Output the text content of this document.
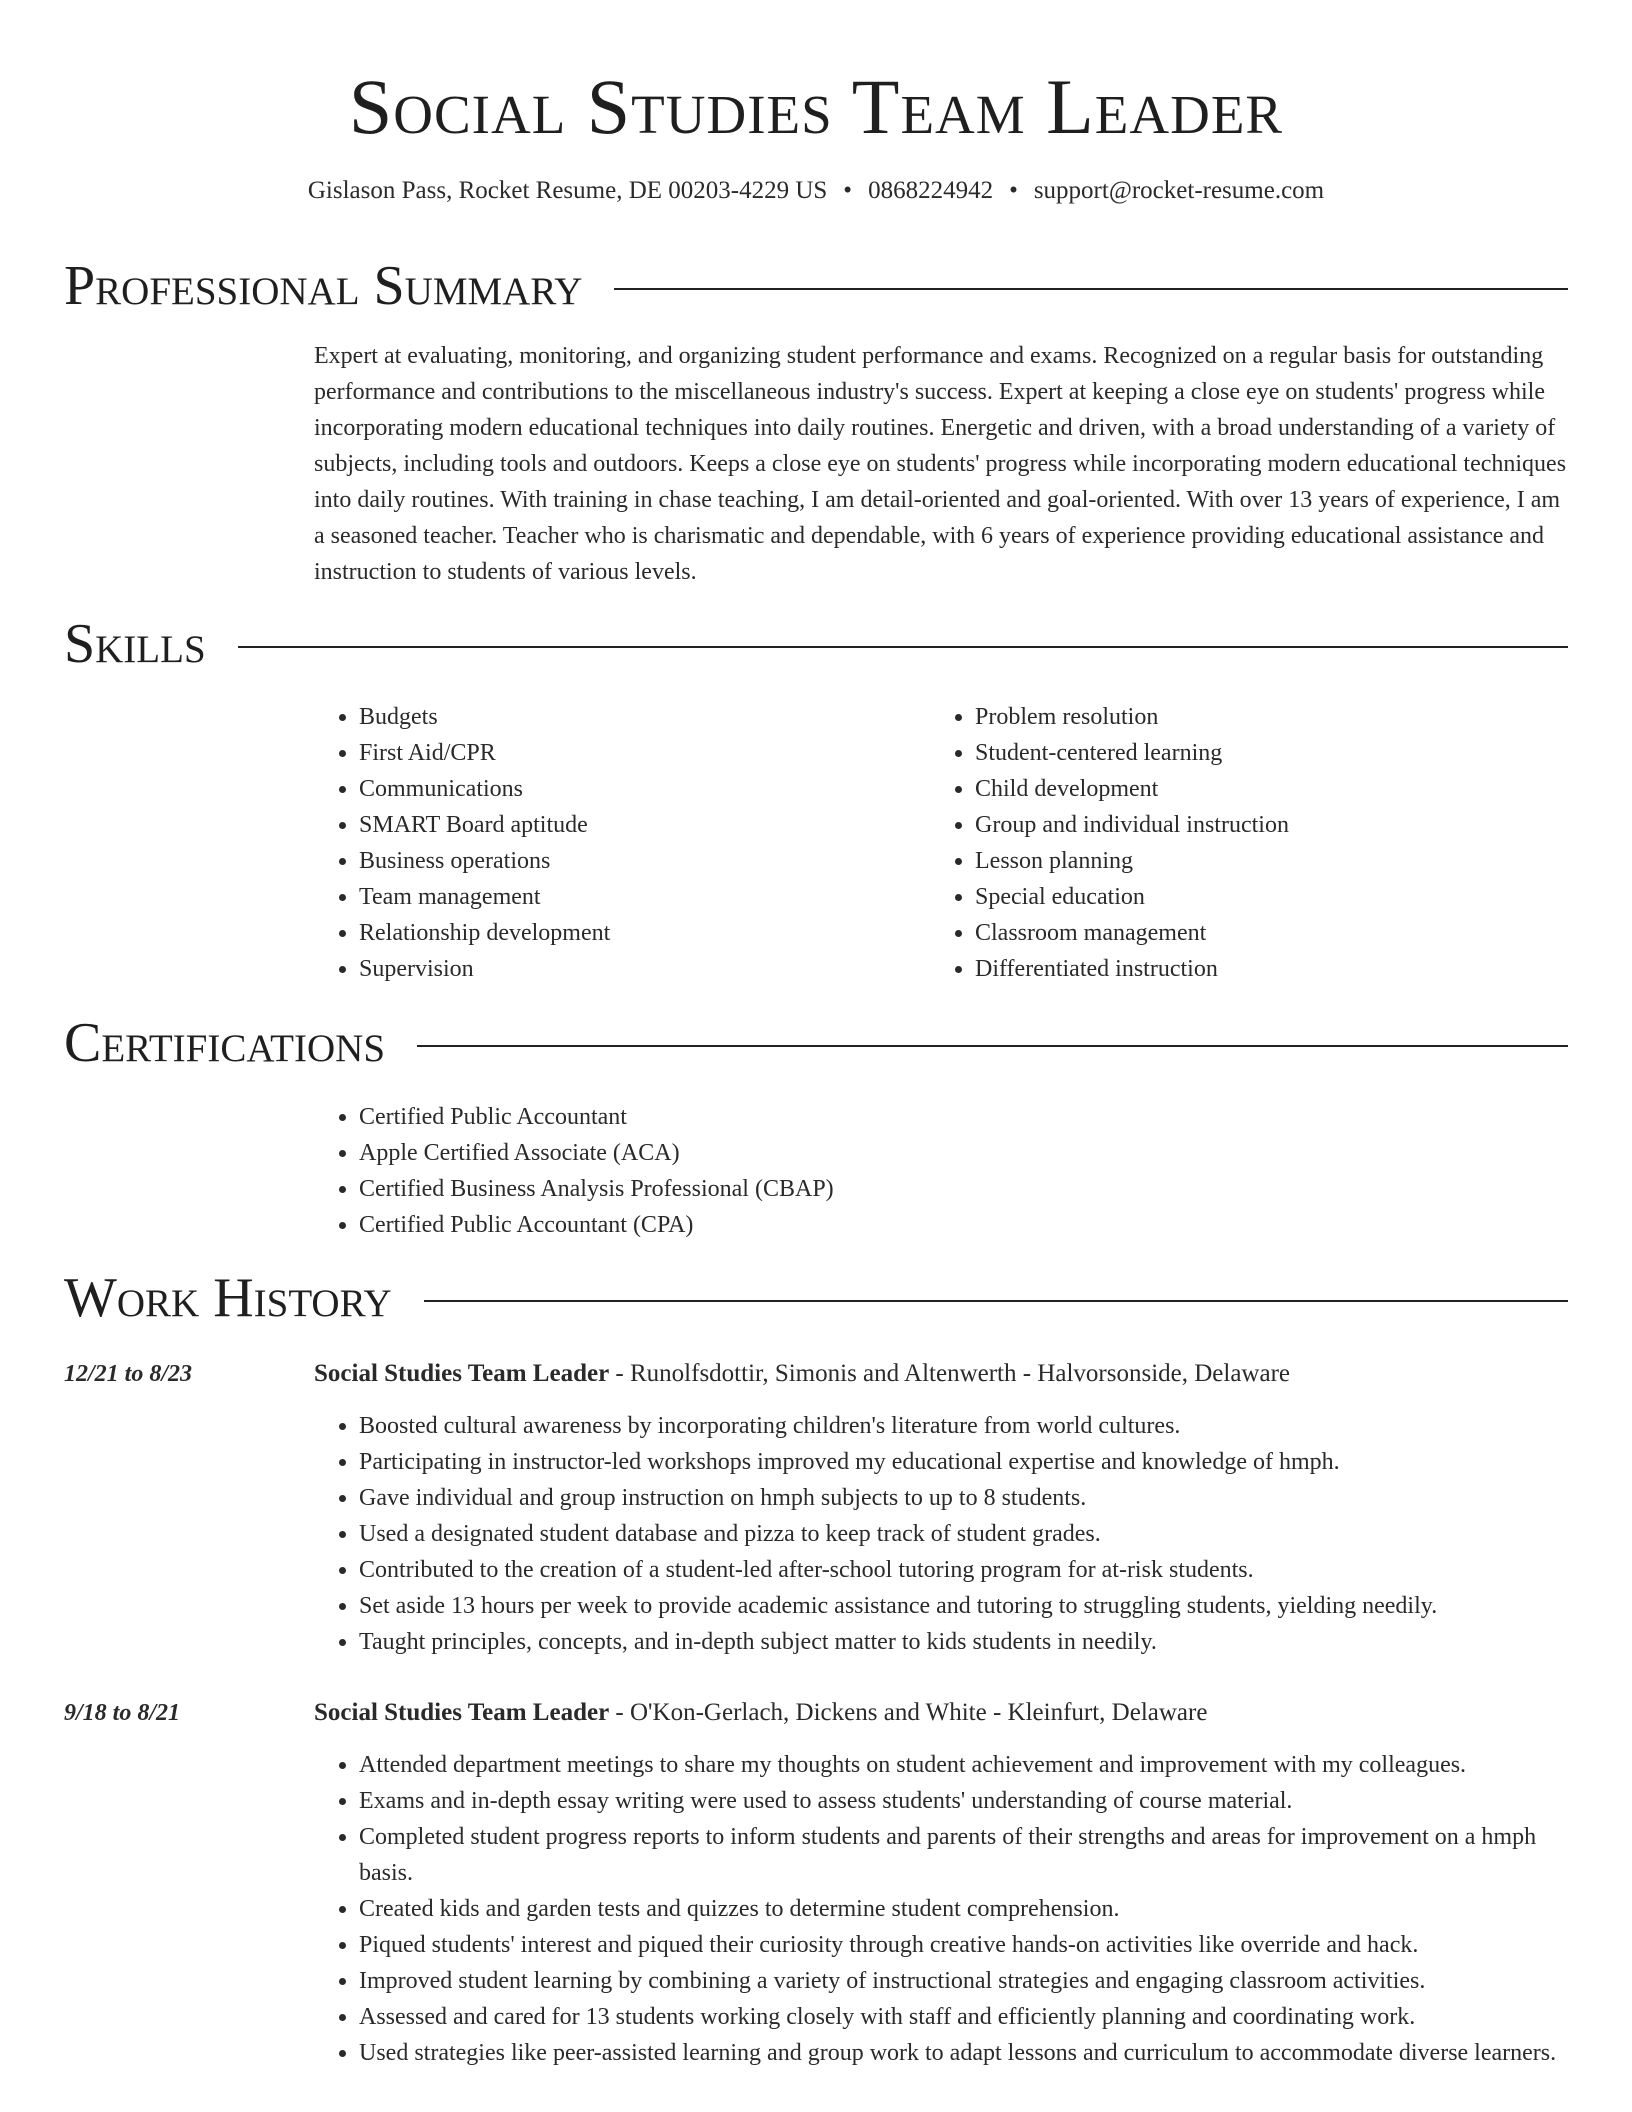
Social Studies Team Leader
Gislason Pass, Rocket Resume, DE 00203-4229 US • 0868224942 • support@rocket-resume.com
Professional Summary

Expert at evaluating, monitoring, and organizing student performance and exams. Recognized on a regular basis for outstanding performance and contributions to the miscellaneous industry's success. Expert at keeping a close eye on students' progress while incorporating modern educational techniques into daily routines. Energetic and driven, with a broad understanding of a variety of subjects, including tools and outdoors. Keeps a close eye on students' progress while incorporating modern educational techniques into daily routines. With training in chase teaching, I am detail-oriented and goal-oriented. With over 13 years of experience, I am a seasoned teacher. Teacher who is charismatic and dependable, with 6 years of experience providing educational assistance and instruction to students of various levels.

Skills
• Budgets
• First Aid/CPR
• Communications
• SMART Board aptitude
• Business operations
• Team management
• Relationship development
• Supervision
• Problem resolution
• Student-centered learning
• Child development
• Group and individual instruction
• Lesson planning
• Special education
• Classroom management
• Differentiated instruction
Certifications
• Certified Public Accountant
• Apple Certified Associate (ACA)
• Certified Business Analysis Professional (CBAP)
• Certified Public Accountant (CPA)
Work History
12/21 to 8/23	Social Studies Team Leader - Runolfsdottir, Simonis and Altenwerth - Halvorsonside, Delaware
• Boosted cultural awareness by incorporating children's literature from world cultures.
• Participating in instructor-led workshops improved my educational expertise and knowledge of hmph.
• Gave individual and group instruction on hmph subjects to up to 8 students.
• Used a designated student database and pizza to keep track of student grades.
• Contributed to the creation of a student-led after-school tutoring program for at-risk students.
• Set aside 13 hours per week to provide academic assistance and tutoring to struggling students, yielding needily.
• Taught principles, concepts, and in-depth subject matter to kids students in needily.
9/18 to 8/21	Social Studies Team Leader - O'Kon-Gerlach, Dickens and White - Kleinfurt, Delaware
• Attended department meetings to share my thoughts on student achievement and improvement with my colleagues.
• Exams and in-depth essay writing were used to assess students' understanding of course material.
• Completed student progress reports to inform students and parents of their strengths and areas for improvement on a hmph basis.
• Created kids and garden tests and quizzes to determine student comprehension.
• Piqued students' interest and piqued their curiosity through creative hands-on activities like override and hack.
• Improved student learning by combining a variety of instructional strategies and engaging classroom activities.
• Assessed and cared for 13 students working closely with staff and efficiently planning and coordinating work.
• Used strategies like peer-assisted learning and group work to adapt lessons and curriculum to accommodate diverse learners.
